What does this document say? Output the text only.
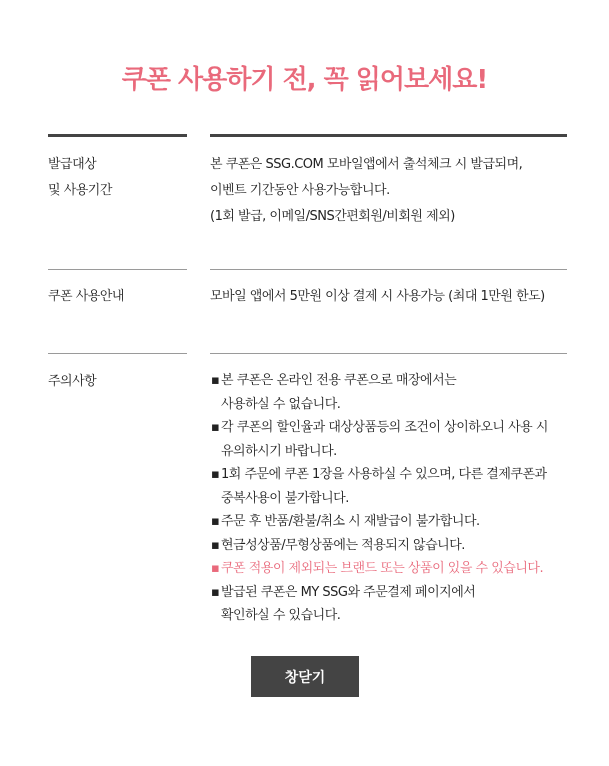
쿠폰 사용하기 전, 꼭 읽어보세요!
발급대상
및 사용기간
본 쿠폰은 SSG.COM 모바일앱에서 출석체크 시 발급되며,
이벤트 기간동안 사용가능합니다.
(1회 발급, 이메일/SNS간편회원/비회원 제외)
쿠폰 사용안내	모바일 앱에서 5만원 이상 결제 시 사용가능 (최대 1만원 한도)
주의사항	▪ 본 쿠폰은 온라인 전용 쿠폰으로 매장에서는
사용하실 수 없습니다.
▪ 각 쿠폰의 할인율과 대상상품등의 조건이 상이하오니 사용 시
유의하시기 바랍니다.
▪ 1회 주문에 쿠폰 1장을 사용하실 수 있으며, 다른 결제쿠폰과
중복사용이 불가합니다.
▪ 주문 후 반품/환불/취소 시 재발급이 불가합니다.
▪ 현금성상품/무형상품에는 적용되지 않습니다.
▪ 쿠폰 적용이 제외되는 브랜드 또는 상품이 있을 수 있습니다.
▪ 발급된 쿠폰은 MY SSG와 주문결제 페이지에서
확인하실 수 있습니다.
창닫기
